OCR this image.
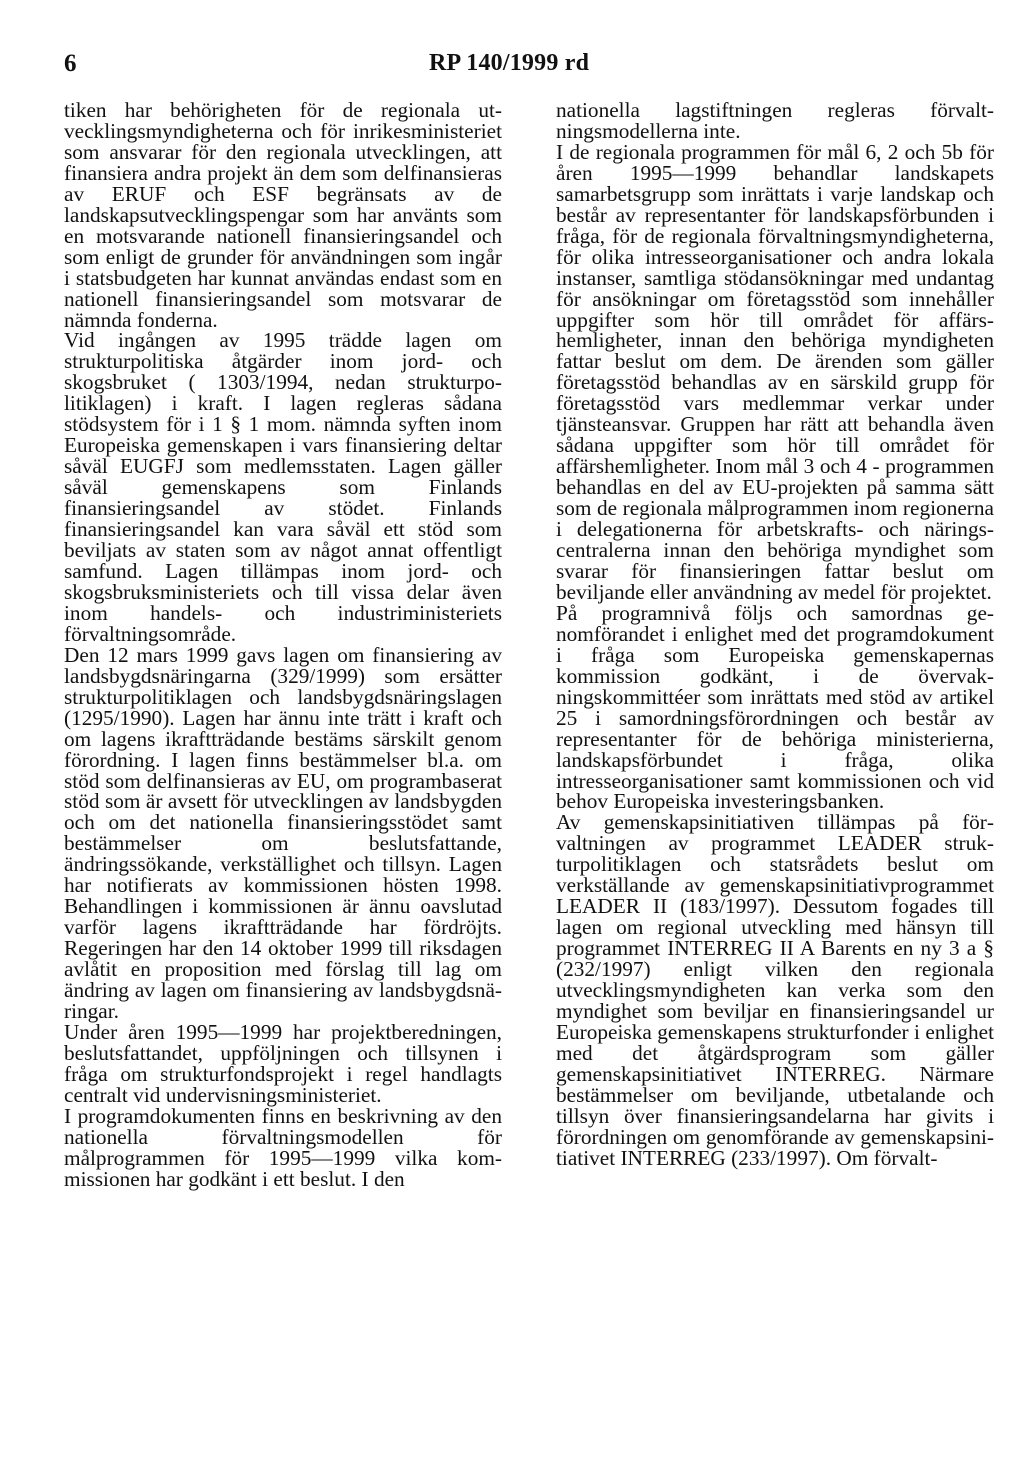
6	RP 140/1999 rd

tiken har behörigheten för de regionala utvecklingsmyndigheterna och för inrikesministeriet som ansvarar för den regionala utvecklingen, att finansiera andra projekt än dem som delfinansieras av ERUF och ESF begränsats av de landskapsutvecklingspengar som har använts som en motsvarande nationell finansieringsandel och som enligt de grunder för användningen som ingår i statsbudgeten har kunnat användas endast som en nationell finansieringsandel som motsvarar de nämnda fonderna.

Vid ingången av 1995 trädde lagen om strukturpolitiska åtgärder inom jord- och skogsbruket ( 1303/1994, nedan strukturpolitiklagen) i kraft. I lagen regleras sådana stödsystem för i 1 § 1 mom. nämnda syften inom Europeiska gemenskapen i vars finansiering deltar såväl EUGFJ som medlemsstaten. Lagen gäller såväl gemenskapens som Finlands finansieringsandel av stödet. Finlands finansieringsandel kan vara såväl ett stöd som beviljats av staten som av något annat offentligt samfund. Lagen tillämpas inom jord- och skogsbruksministeriets och till vissa delar även inom handels- och industriministeriets förvaltningsområde.

Den 12 mars 1999 gavs lagen om finansiering av landsbygdsnäringarna (329/1999) som ersätter strukturpolitiklagen och landsbygdsnäringslagen (1295/1990). Lagen har ännu inte trätt i kraft och om lagens ikraftträdande bestäms särskilt genom förordning. I lagen finns bestämmelser bl.a. om stöd som delfinansieras av EU, om programbaserat stöd som är avsett för utvecklingen av landsbygden och om det nationella finansieringsstödet samt bestämmelser om beslutsfattande, ändringssökande, verkställighet och tillsyn. Lagen har notifierats av kommissionen hösten 1998. Behandlingen i kommissionen är ännu oavslutad varför lagens ikraftträdande har fördröjts. Regeringen har den 14 oktober 1999 till riksdagen avlåtit en proposition med förslag till lag om ändring av lagen om finansiering av landsbygdsnäringar.

Under åren 1995—1999 har projektberedningen, beslutsfattandet, uppföljningen och tillsynen i fråga om strukturfondsprojekt i regel handlagts centralt vid undervisningsministeriet.

I programdokumenten finns en beskrivning av den nationella förvaltningsmodellen för målprogrammen för 1995—1999 vilka kommissionen har godkänt i ett beslut. I den

nationella lagstiftningen regleras förvaltningsmodellerna inte.

I de regionala programmen för mål 6, 2 och 5b för åren 1995—1999 behandlar landskapets samarbetsgrupp som inrättats i varje landskap och består av representanter för landskapsförbunden i fråga, för de regionala förvaltningsmyndigheterna, för olika intresseorganisationer och andra lokala instanser, samtliga stödansökningar med undantag för ansökningar om företagsstöd som innehåller uppgifter som hör till området för affärshemligheter, innan den behöriga myndigheten fattar beslut om dem. De ärenden som gäller företagsstöd behandlas av en särskild grupp för företagsstöd vars medlemmar verkar under tjänsteansvar. Gruppen har rätt att behandla även sådana uppgifter som hör till området för affärshemligheter. Inom mål 3 och 4 - programmen behandlas en del av EU-projekten på samma sätt som de regionala målprogrammen inom regionerna i delegationerna för arbetskrafts- och näringscentralerna innan den behöriga myndighet som svarar för finansieringen fattar beslut om beviljande eller användning av medel för projektet.

På programnivå följs och samordnas genomförandet i enlighet med det programdokument i fråga som Europeiska gemenskapernas kommission godkänt, i de övervakningskommittéer som inrättats med stöd av artikel 25 i samordningsförordningen och består av representanter för de behöriga ministerierna, landskapsförbundet i fråga, olika intresseorganisationer samt kommissionen och vid behov Europeiska investeringsbanken.

Av gemenskapsinitiativen tillämpas på förvaltningen av programmet LEADER strukturpolitiklagen och statsrådets beslut om verkställande av gemenskapsinitiativprogrammet LEADER II (183/1997). Dessutom fogades till lagen om regional utveckling med hänsyn till programmet INTERREG II A Barents en ny 3 a § (232/1997) enligt vilken den regionala utvecklingsmyndigheten kan verka som den myndighet som beviljar en finansieringsandel ur Europeiska gemenskapens strukturfonder i enlighet med det åtgärdsprogram som gäller gemenskapsinitiativet INTERREG. Närmare bestämmelser om beviljande, utbetalande och tillsyn över finansieringsandelarna har givits i förordningen om genomförande av gemenskapsinitiativet INTERREG (233/1997). Om förvalt-
